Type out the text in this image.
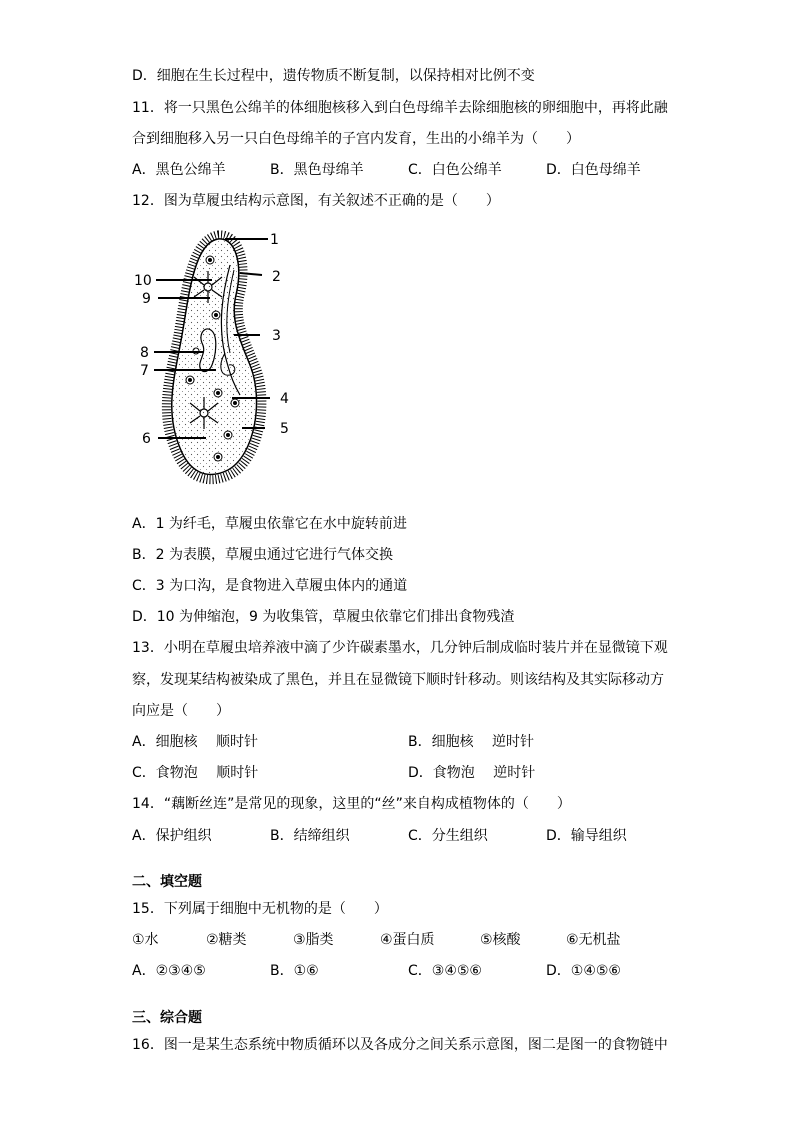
D．细胞在生长过程中，遗传物质不断复制，以保持相对比例不变
11．将一只黑色公绵羊的体细胞核移入到白色母绵羊去除细胞核的卵细胞中，再将此融
合到细胞移入另一只白色母绵羊的子宫内发育，生出的小绵羊为（　　）
A．黑色公绵羊	B．黑色母绵羊	C．白色公绵羊	D．白色母绵羊
12．图为草履虫结构示意图，有关叙述不正确的是（　　）
1
2
3
4
5
6
7
8
9
10
A．1 为纤毛，草履虫依靠它在水中旋转前进
B．2 为表膜，草履虫通过它进行气体交换
C．3 为口沟，是食物进入草履虫体内的通道
D．10 为伸缩泡，9 为收集管，草履虫依靠它们排出食物残渣
13．小明在草履虫培养液中滴了少许碳素墨水，几分钟后制成临时装片并在显微镜下观
察，发现某结构被染成了黑色，并且在显微镜下顺时针移动。则该结构及其实际移动方
向应是（　　）
A．细胞核　 顺时针	B．细胞核　 逆时针
C．食物泡　 顺时针	D．食物泡　 逆时针
14．“藕断丝连”是常见的现象，这里的“丝”来自构成植物体的（　　）
A．保护组织	B．结缔组织	C．分生组织	D．输导组织
二、填空题
15．下列属于细胞中无机物的是（　　）
①水	②糖类	③脂类	④蛋白质	⑤核酸	⑥无机盐
A．②③④⑤	B．①⑥	C．③④⑤⑥	D．①④⑤⑥
三、综合题
16．图一是某生态系统中物质循环以及各成分之间关系示意图，图二是图一的食物链中
